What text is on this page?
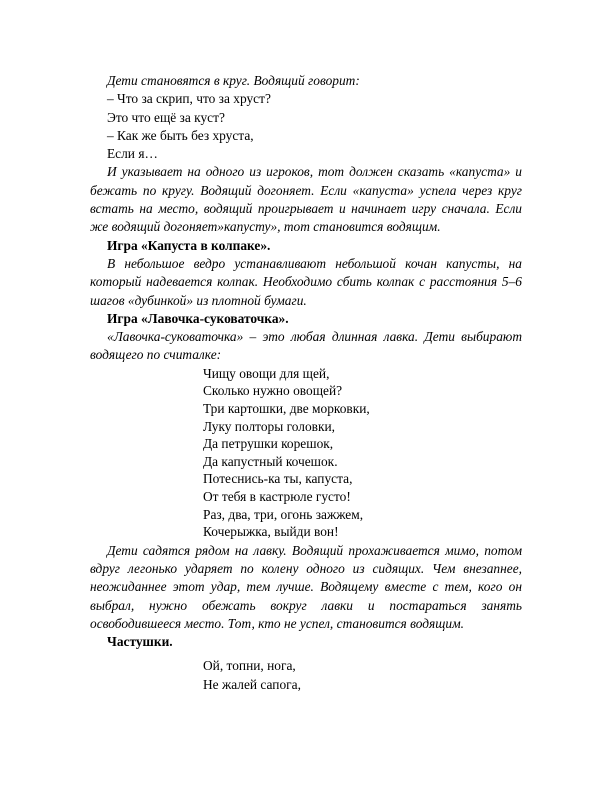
Дети становятся в круг. Водящий говорит:

– Что за скрип, что за хруст?

Это что ещё за куст?

– Как же быть без хруста,

Если я…

И указывает на одного из игроков, тот должен сказать «капуста» и бежать по кругу. Водящий догоняет. Если «капуста» успела через круг встать на место, водящий проигрывает и начинает игру сначала. Если же водящий догоняет»капусту», тот становится водящим.

Игра «Капуста в колпаке».

В небольшое ведро устанавливают небольшой кочан капусты, на который надевается колпак. Необходимо сбить колпак с расстояния 5–6 шагов «дубинкой» из плотной бумаги.

Игра «Лавочка-суковаточка».

«Лавочка-суковаточка» – это любая длинная лавка. Дети выбирают водящего по считалке:

Чищу овощи для щей,
Сколько нужно овощей?
Три картошки, две морковки,
Луку полторы головки,
Да петрушки корешок,
Да капустный кочешок.
Потеснись-ка ты, капуста,
От тебя в кастрюле густо!
Раз, два, три, огонь зажжем,
Кочерыжка, выйди вон!

Дети садятся рядом на лавку. Водящий прохаживается мимо, потом вдруг легонько ударяет по колену одного из сидящих. Чем внезапнее, неожиданнее этот удар, тем лучше. Водящему вместе с тем, кого он выбрал, нужно обежать вокруг лавки и постараться занять освободившееся место. Тот, кто не успел, становится водящим.

Частушки.

Ой, топни, нога,
Не жалей сапога,
